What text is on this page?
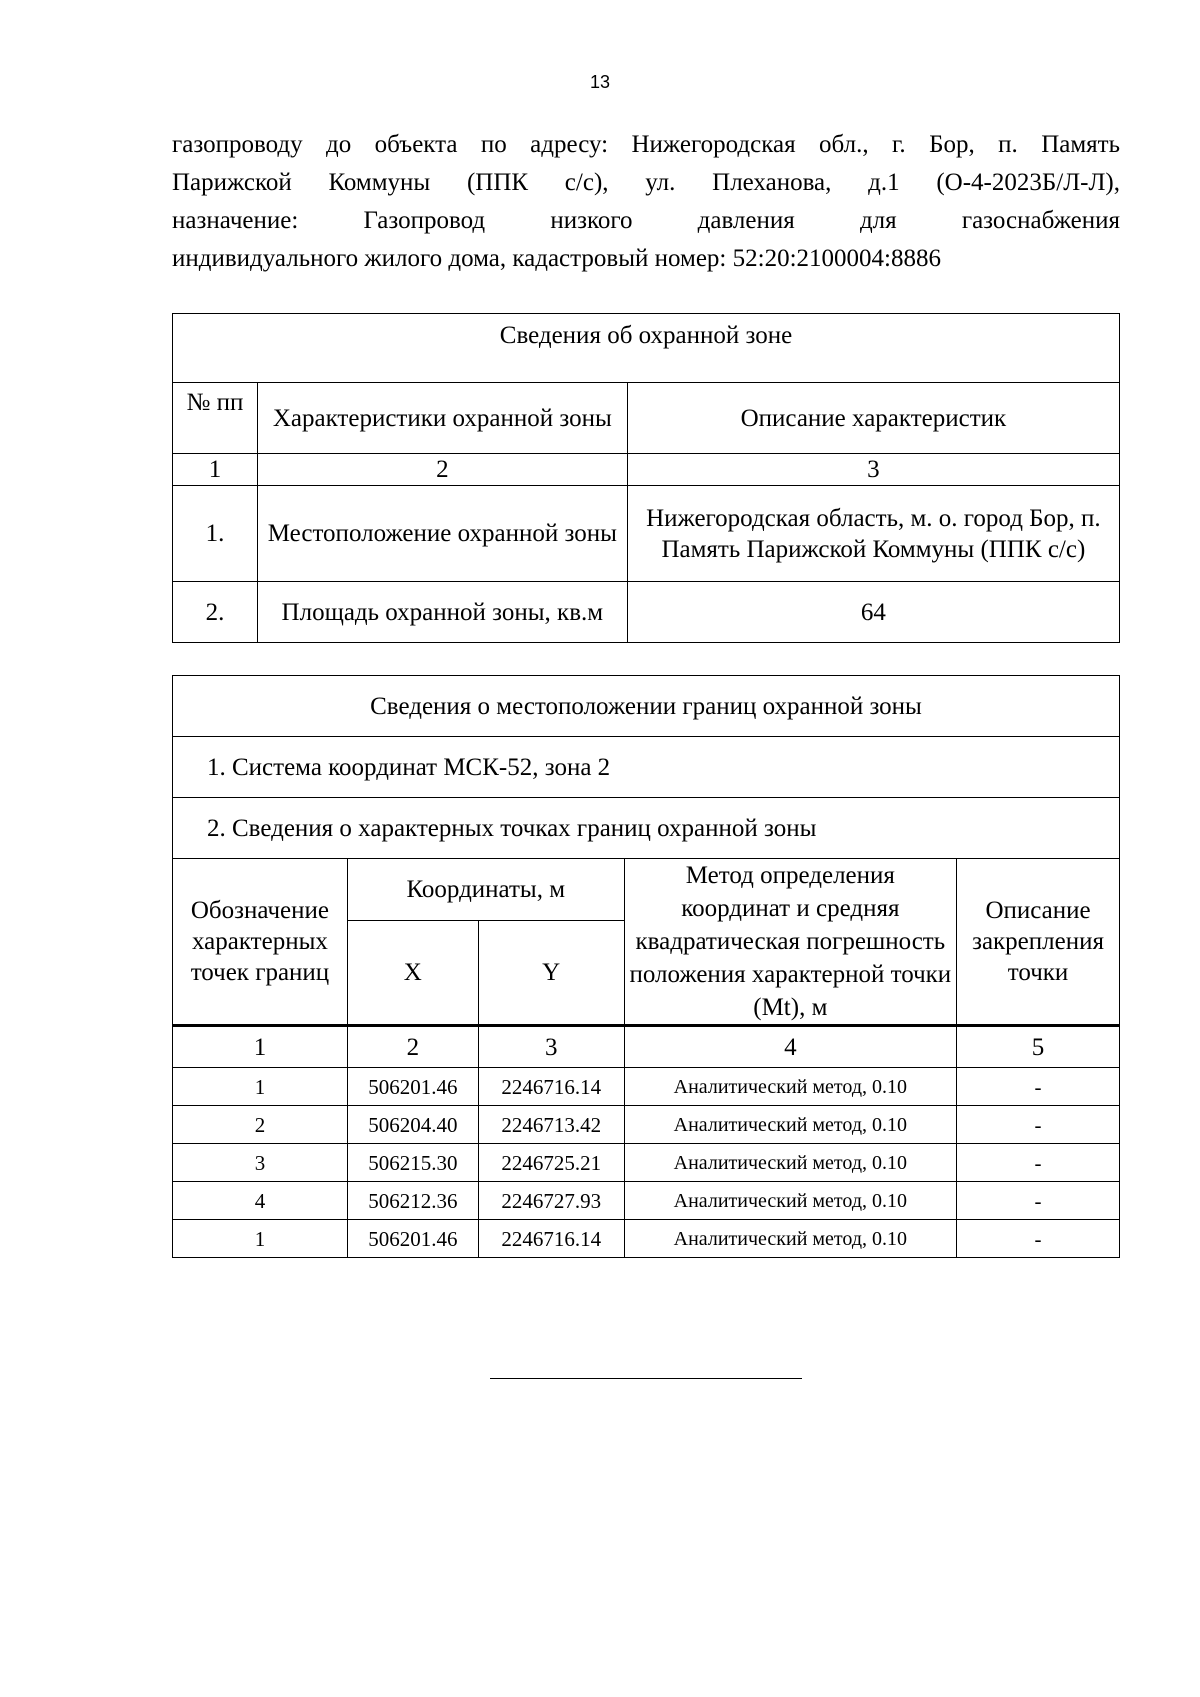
13
газопроводу до объекта по адресу: Нижегородская обл., г. Бор, п. Память
Парижской Коммуны (ППК с/с), ул. Плеханова, д.1 (О-4-2023Б/Л-Л),
назначение: Газопровод низкого давления для газоснабжения
индивидуального жилого дома, кадастровый номер: 52:20:2100004:8886
Сведения об охранной зоне		
№ пп	Характеристики охранной зоны	Описание характеристик
1	2	3
1.	Местоположение охранной зоны	Нижегородская область, м. о. город Бор, п. Память Парижской Коммуны (ППК с/с)
2.	Площадь охранной зоны, кв.м	64
Сведения о местоположении границ охранной зоны				
1. Система координат МСК-52, зона 2				
2. Сведения о характерных точках границ охранной зоны				
Обозначение характерных точек границ	Координаты, м		Метод определения координат и средняя квадратическая погрешность положения характерной точки (Mt), м	Описание закрепления точки
	X	Y		
1	2	3	4	5
1	506201.46	2246716.14	Аналитический метод, 0.10	-
2	506204.40	2246713.42	Аналитический метод, 0.10	-
3	506215.30	2246725.21	Аналитический метод, 0.10	-
4	506212.36	2246727.93	Аналитический метод, 0.10	-
1	506201.46	2246716.14	Аналитический метод, 0.10	-
